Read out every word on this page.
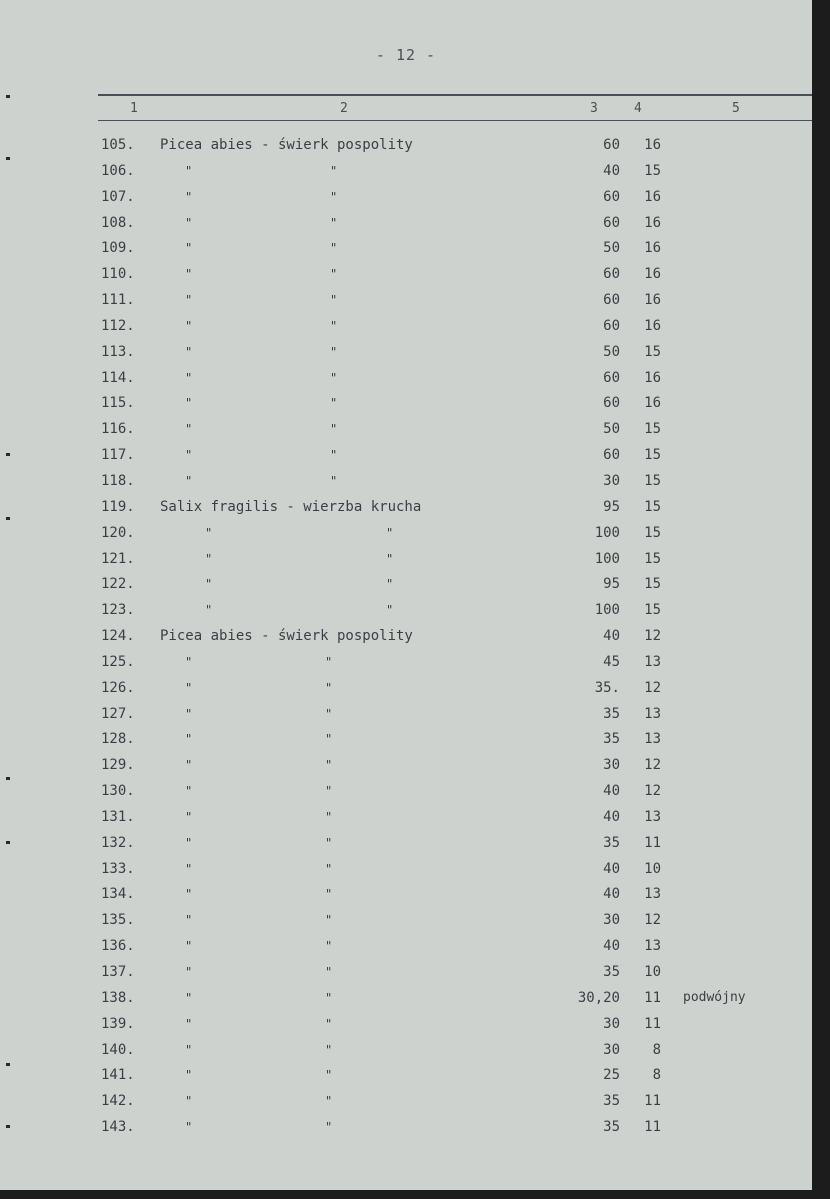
- 12 -
1	2	3	4	5
105. Picea abies - świerk pospolity	60	16
106.	"	"	40	15
107.	"	"	60	16
108.	"	"	60	16
109.	"	"	50	16
110.	"	"	60	16
111.	"	"	60	16
112.	"	"	60	16
113.	"	"	50	15
114.	"	"	60	16
115.	"	"	60	16
116.	"	"	50	15
117.	"	"	60	15
118.	"	"	30	15
119. Salix fragilis - wierzba krucha	95	15
120.	"	"	100	15
121.	"	"	100	15
122.	"	"	95	15
123.	"	"	100	15
124. Picea abies - świerk pospolity	40	12
125.	"	"	45	13
126.	"	"	35.	12
127.	"	"	35	13
128.	"	"	35	13
129.	"	"	30	12
130.	"	"	40	12
131.	"	"	40	13
132.	"	"	35	11
133.	"	"	40	10
134.	"	"	40	13
135.	"	"	30	12
136.	"	"	40	13
137.	"	"	35	10
138.	"	"	30,20	11 podwójny
139.	"	"	30	11
140.	"	"	30	8
141.	"	"	25	8
142.	"	"	35	11
143.	"	"	35	11
